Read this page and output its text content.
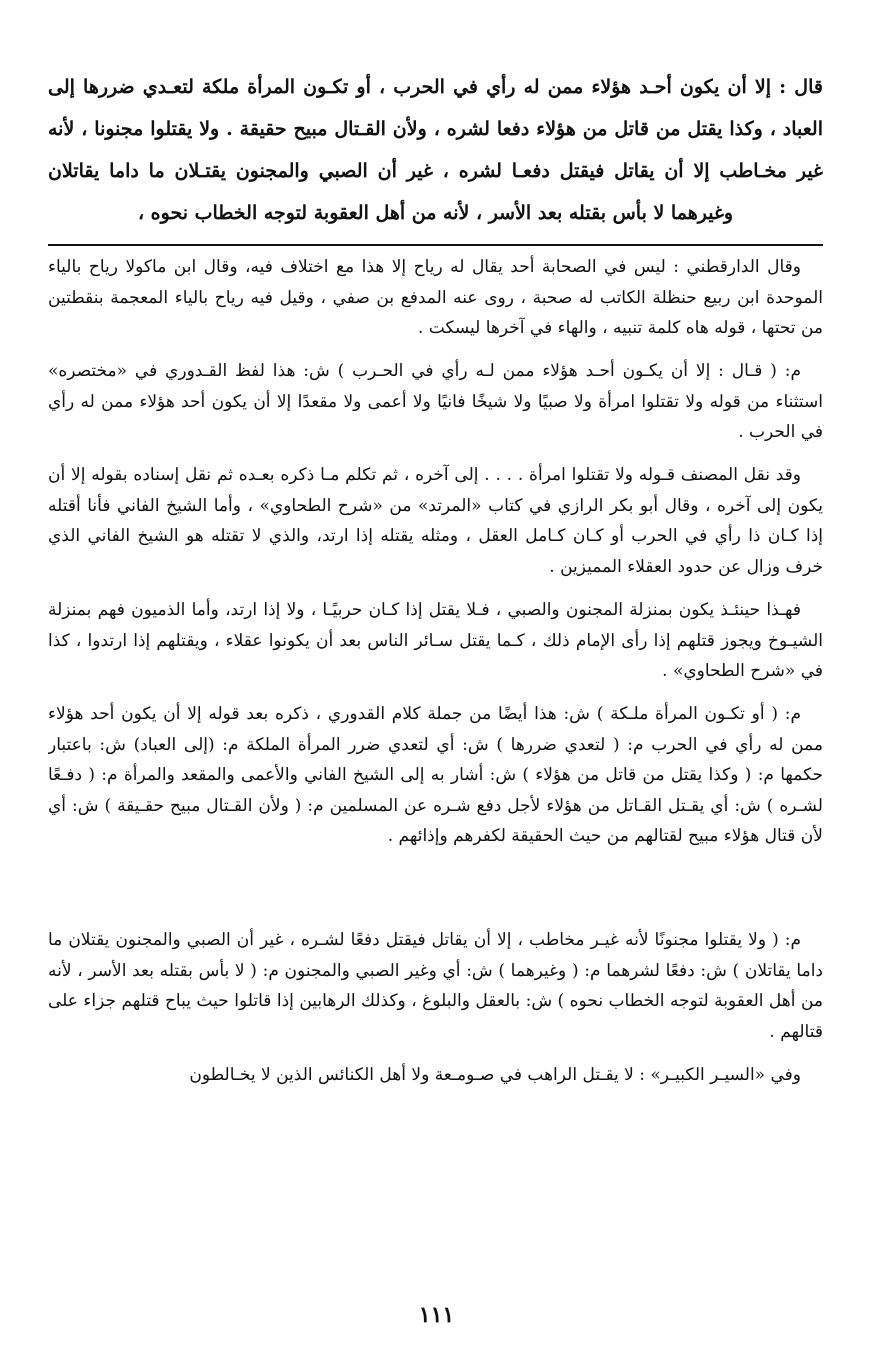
قال : إلا أن يكون أحـد هؤلاء ممن له رأي في الحرب ، أو تكـون المرأة ملكة لتعـدي ضررها إلى العباد ، وكذا يقتل من قاتل من هؤلاء دفعا لشره ، ولأن القـتال مبيح حقيقة . ولا يقتلوا مجنونا ، لأنه غير مخـاطب إلا أن يقاتل فيقتل دفعـا لشره ، غير أن الصبي والمجنون يقتـلان ما داما يقاتلان وغيرهما لا بأس بقتله بعد الأسر ، لأنه من أهل العقوبة لتوجه الخطاب نحوه ،

وقال الدارقطني : ليس في الصحابة أحد يقال له رياح إلا هذا مع اختلاف فيه، وقال ابن ماكولا رياح بالياء الموحدة ابن ربيع حنظلة الكاتب له صحبة ، روى عنه المدفع بن صفي ، وقيل فيه رياح بالياء المعجمة بنقطتين من تحتها ، قوله هاه كلمة تنبيه ، والهاء في آخرها ليسكت .

م: ( قـال : إلا أن يكـون أحـد هؤلاء ممن لـه رأي في الحـرب ) ش: هذا لفظ القـدوري في «مختصره» استثناء من قوله ولا تقتلوا امرأة ولا صبيًا ولا شيخًا فانيًا ولا أعمى ولا مقعدًا إلا أن يكون أحد هؤلاء ممن له رأي في الحرب .

وقد نقل المصنف قـوله ولا تقتلوا امرأة . . . . إلى آخره ، ثم تكلم مـا ذكره بعـده ثم نقل إسناده بقوله إلا أن يكون إلى آخره ، وقال أبو بكر الرازي في كتاب «المرتد» من «شرح الطحاوي» ، وأما الشيخ الفاني فأنا أقتله إذا كـان ذا رأي في الحرب أو كـان كـامل العقل ، ومثله يقتله إذا ارتد، والذي لا تقتله هو الشيخ الفاني الذي خرف وزال عن حدود العقلاء المميزين .

فهـذا حينئـذ يكون بمنزلة المجنون والصبي ، فـلا يقتل إذا كـان حربيًـا ، ولا إذا ارتد، وأما الذميون فهم بمنزلة الشيـوخ ويجوز قتلهم إذا رأى الإمام ذلك ، كـما يقتل سـائر الناس بعد أن يكونوا عقلاء ، ويقتلهم إذا ارتدوا ، كذا في «شرح الطحاوي» .

م: ( أو تكـون المرأة ملـكة ) ش: هذا أيضًا من جملة كلام القدوري ، ذكره بعد قوله إلا أن يكون أحد هؤلاء ممن له رأي في الحرب م: ( لتعدي ضررها ) ش: أي لتعدي ضرر المرأة الملكة م: (إلى العباد) ش: باعتبار حكمها م: ( وكذا يقتل من قاتل من هؤلاء ) ش: أشار به إلى الشيخ الفاني والأعمى والمقعد والمرأة م: ( دفـعًا لشـره ) ش: أي يقـتل القـاتل من هؤلاء لأجل دفع شـره عن المسلمين م: ( ولأن القـتال مبيح حقـيقة ) ش: أي لأن قتال هؤلاء مبيح لقتالهم من حيث الحقيقة لكفرهم وإذائهم .

م: ( ولا يقتلوا مجنونًا لأنه غيـر مخاطب ، إلا أن يقاتل فيقتل دفعًا لشـره ، غير أن الصبي والمجنون يقتلان ما داما يقاتلان ) ش: دفعًا لشرهما م: ( وغيرهما ) ش: أي وغير الصبي والمجنون م: ( لا بأس بقتله بعد الأسر ، لأنه من أهل العقوبة لتوجه الخطاب نحوه ) ش: بالعقل والبلوغ ، وكذلك الرهابين إذا قاتلوا حيث يباح قتلهم جزاء على قتالهم .

وفي «السيـر الكبيـر» : لا يقـتل الراهب في صـومـعة ولا أهل الكنائس الذين لا يخـالطون

١١١
